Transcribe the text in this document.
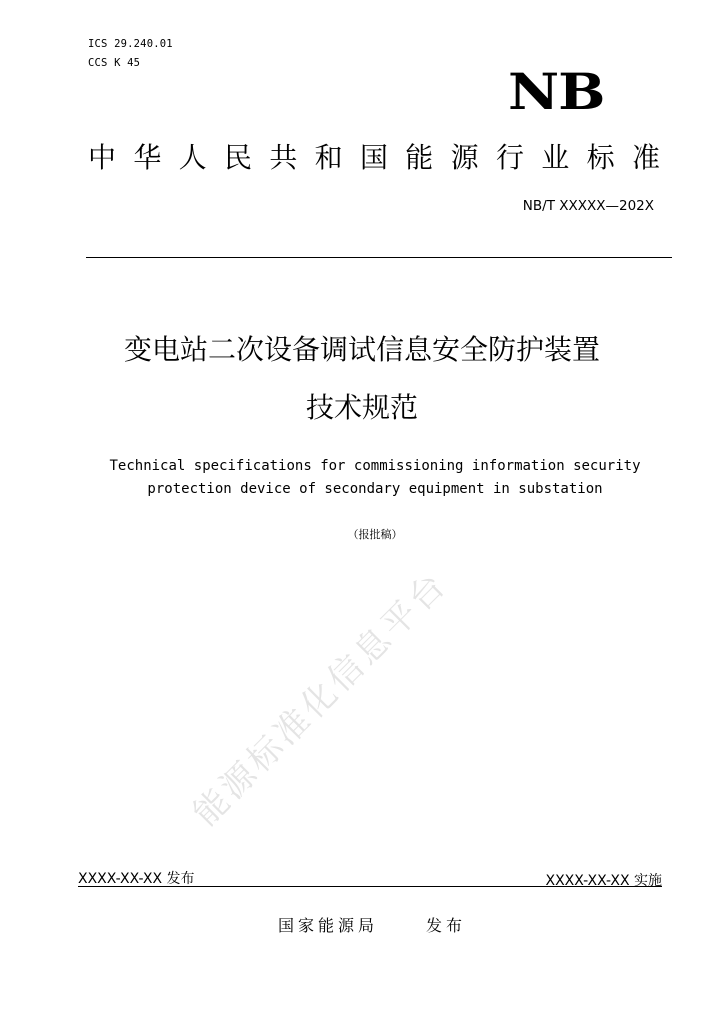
ICS 29.240.01
CCS K 45	NB
中 华 人 民 共 和 国 能 源 行 业 标 准
NB/T XXXXX—202X
变电站二次设备调试信息安全防护装置
技术规范
Technical specifications for commissioning information security
protection device of secondary equipment in substation
（报批稿）
能源标准化信息平台
XXXX-XX-XX 发布	XXXX-XX-XX 实施
国家能源局	发布
